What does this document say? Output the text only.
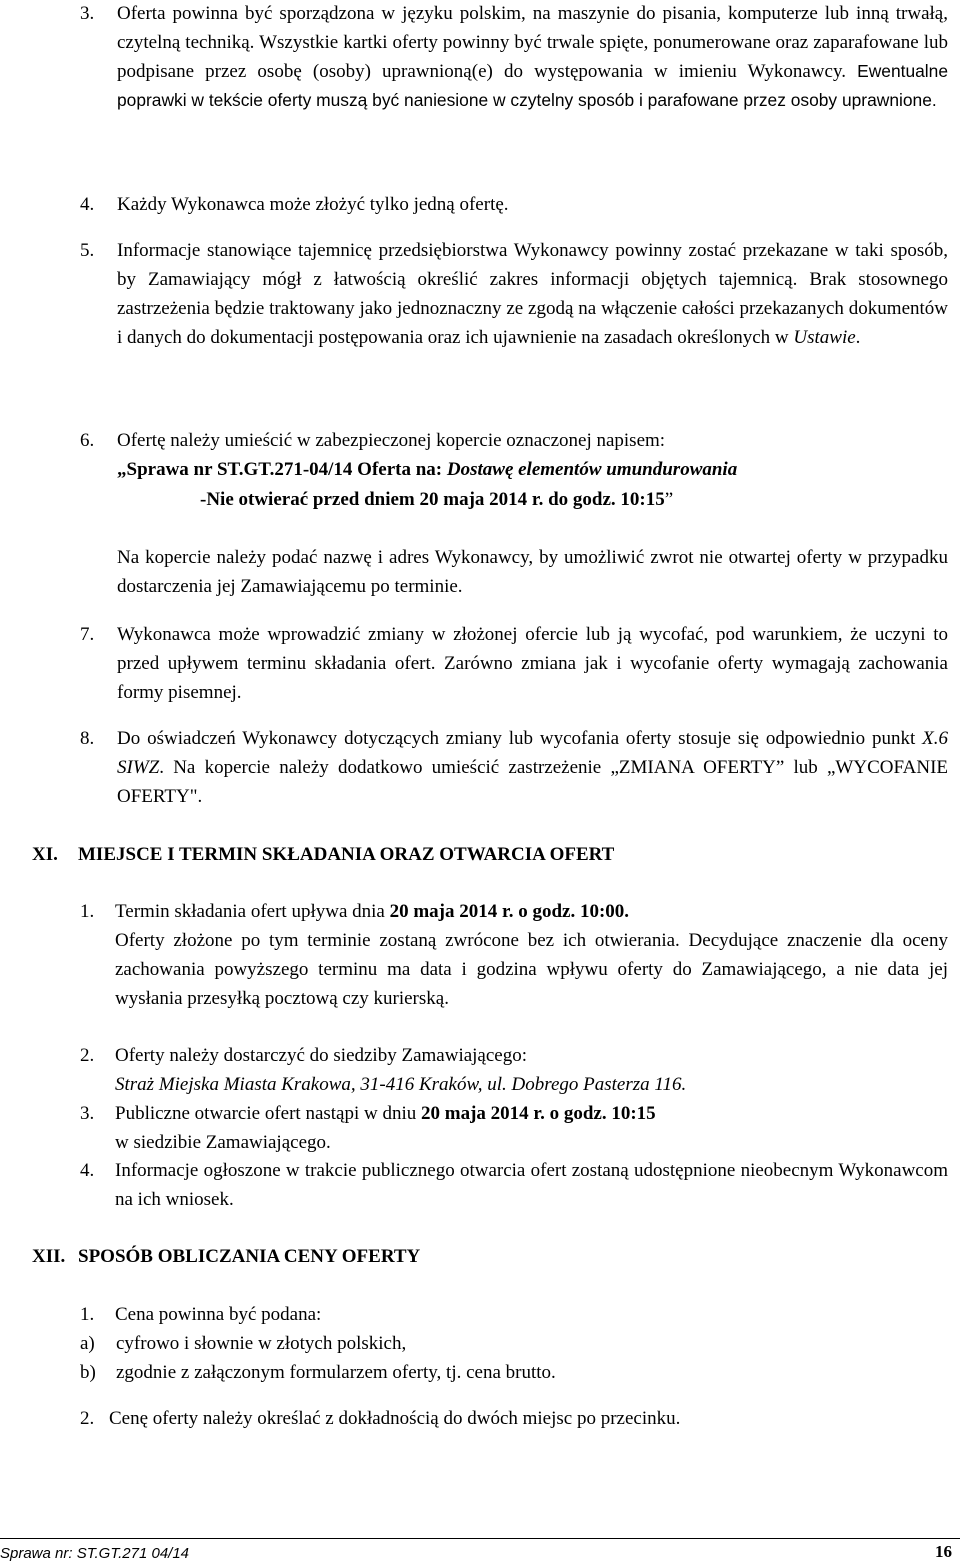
3. Oferta powinna być sporządzona w języku polskim, na maszynie do pisania, komputerze lub inną trwałą, czytelną techniką. Wszystkie kartki oferty powinny być trwale spięte, ponumerowane oraz zaparafowane lub podpisane przez osobę (osoby) uprawnioną(e) do występowania w imieniu Wykonawcy. Ewentualne poprawki w tekście oferty muszą być naniesione w czytelny sposób i parafowane przez osoby uprawnione.
4. Każdy Wykonawca może złożyć tylko jedną ofertę.
5. Informacje stanowiące tajemnicę przedsiębiorstwa Wykonawcy powinny zostać przekazane w taki sposób, by Zamawiający mógł z łatwością określić zakres informacji objętych tajemnicą. Brak stosownego zastrzeżenia będzie traktowany jako jednoznaczny ze zgodą na włączenie całości przekazanych dokumentów i danych do dokumentacji postępowania oraz ich ujawnienie na zasadach określonych w Ustawie.
6. Ofertę należy umieścić w zabezpieczonej kopercie oznaczonej napisem:
„Sprawa nr ST.GT.271-04/14 Oferta na: Dostawę elementów umundurowania
-Nie otwierać przed dniem 20 maja 2014 r. do godz. 10:15”
Na kopercie należy podać nazwę i adres Wykonawcy, by umożliwić zwrot nie otwartej oferty w przypadku dostarczenia jej Zamawiającemu po terminie.
7. Wykonawca może wprowadzić zmiany w złożonej ofercie lub ją wycofać, pod warunkiem, że uczyni to przed upływem terminu składania ofert. Zarówno zmiana jak i wycofanie oferty wymagają zachowania formy pisemnej.
8. Do oświadczeń Wykonawcy dotyczących zmiany lub wycofania oferty stosuje się odpowiednio punkt X.6 SIWZ. Na kopercie należy dodatkowo umieścić zastrzeżenie „ZMIANA OFERTY” lub „WYCOFANIE OFERTY".
XI. MIEJSCE I TERMIN SKŁADANIA ORAZ OTWARCIA OFERT
1. Termin składania ofert upływa dnia 20 maja 2014 r. o godz. 10:00.
Oferty złożone po tym terminie zostaną zwrócone bez ich otwierania. Decydujące znaczenie dla oceny zachowania powyższego terminu ma data i godzina wpływu oferty do Zamawiającego, a nie data jej wysłania przesyłką pocztową czy kurierską.
2. Oferty należy dostarczyć do siedziby Zamawiającego:
Straż Miejska Miasta Krakowa, 31-416 Kraków, ul. Dobrego Pasterza 116.
3. Publiczne otwarcie ofert nastąpi w dniu 20 maja 2014 r. o godz. 10:15
w siedzibie Zamawiającego.
4. Informacje ogłoszone w trakcie publicznego otwarcia ofert zostaną udostępnione nieobecnym Wykonawcom na ich wniosek.
XII. SPOSÓB OBLICZANIA CENY OFERTY
1. Cena powinna być podana:
a) cyfrowo i słownie w złotych polskich,
b) zgodnie z załączonym formularzem oferty, tj. cena brutto.
2. Cenę oferty należy określać z dokładnością do dwóch miejsc po przecinku.
Sprawa nr: ST.GT.271 04/14	16
